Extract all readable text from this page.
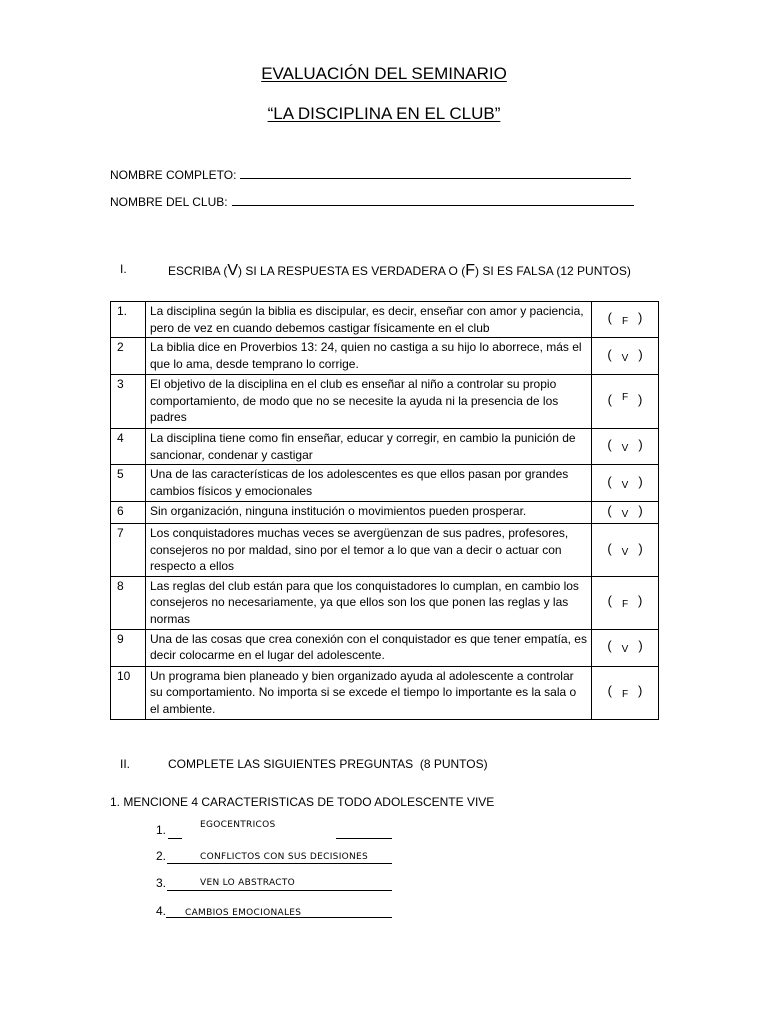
EVALUACIÓN DEL SEMINARIO
“LA DISCIPLINA EN EL CLUB”
NOMBRE COMPLETO:
NOMBRE DEL CLUB:
I.	ESCRIBA (V) SI LA RESPUESTA ES VERDADERA O (F) SI ES FALSA (12 PUNTOS)
1.	La disciplina según la biblia es discipular, es decir, enseñar con amor y paciencia, pero de vez en cuando debemos castigar físicamente en el club	( F )
2	La biblia dice en Proverbios 13: 24, quien no castiga a su hijo lo aborrece, más el que lo ama, desde temprano lo corrige.	( V )
3	El objetivo de la disciplina en el club es enseñar al niño a controlar su propio comportamiento, de modo que no se necesite la ayuda ni la presencia de los padres	( F )
4	La disciplina tiene como fin enseñar, educar y corregir, en cambio la punición de sancionar, condenar y castigar	( V )
5	Una de las características de los adolescentes es que ellos pasan por grandes cambios físicos y emocionales	( V )
6	Sin organización, ninguna institución o movimientos pueden prosperar.	( V )
7	Los conquistadores muchas veces se avergüenzan de sus padres, profesores, consejeros no por maldad, sino por el temor a lo que van a decir o actuar con respecto a ellos	( V )
8	Las reglas del club están para que los conquistadores lo cumplan, en cambio los consejeros no necesariamente, ya que ellos son los que ponen las reglas y las normas	( F )
9	Una de las cosas que crea conexión con el conquistador es que tener empatía, es decir colocarme en el lugar del adolescente.	( V )
10	Un programa bien planeado y bien organizado ayuda al adolescente a controlar su comportamiento. No importa si se excede el tiempo lo importante es la sala o el ambiente.	( F )
II.	COMPLETE LAS SIGUIENTES PREGUNTAS (8 PUNTOS)
1. MENCIONE 4 CARACTERISTICAS DE TODO ADOLESCENTE VIVE
1.	EGOCENTRICOS
2.	CONFLICTOS CON SUS DECISIONES
3.	VEN LO ABSTRACTO
4. CAMBIOS EMOCIONALES
